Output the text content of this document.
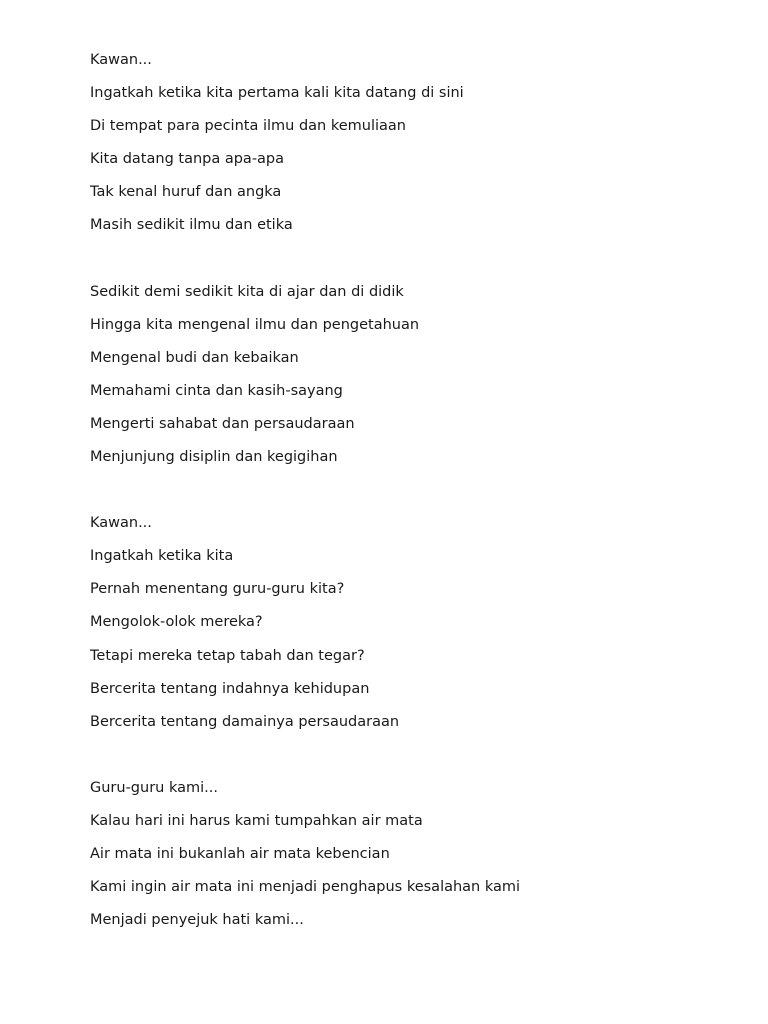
Kawan...
Ingatkah ketika kita pertama kali kita datang di sini
Di tempat para pecinta ilmu dan kemuliaan
Kita datang tanpa apa-apa
Tak kenal huruf dan angka
Masih sedikit ilmu dan etika
Sedikit demi sedikit kita di ajar dan di didik
Hingga kita mengenal ilmu dan pengetahuan
Mengenal budi dan kebaikan
Memahami cinta dan kasih-sayang
Mengerti sahabat dan persaudaraan
Menjunjung disiplin dan kegigihan
Kawan...
Ingatkah ketika kita
Pernah menentang guru-guru kita?
Mengolok-olok mereka?
Tetapi mereka tetap tabah dan tegar?
Bercerita tentang indahnya kehidupan
Bercerita tentang damainya persaudaraan
Guru-guru kami...
Kalau hari ini harus kami tumpahkan air mata
Air mata ini bukanlah air mata kebencian
Kami ingin air mata ini menjadi penghapus kesalahan kami
Menjadi penyejuk hati kami...
